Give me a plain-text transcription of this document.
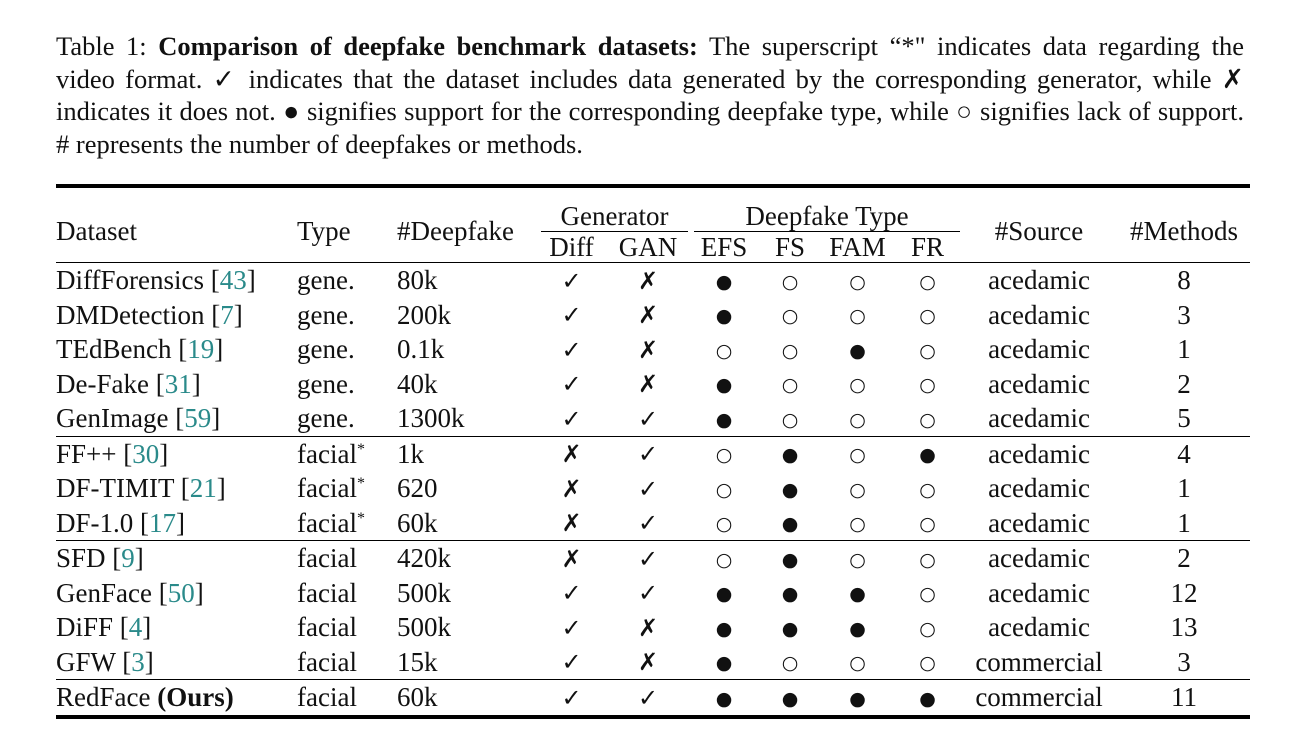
Table 1: Comparison of deepfake benchmark datasets: The superscript “*" indicates data regarding the video format. ✓ indicates that the dataset includes data generated by the corresponding generator, while ✗ indicates it does not. ● signifies support for the corresponding deepfake type, while ○ signifies lack of support. # represents the number of deepfakes or methods.
Dataset	Type	#Deepfake	Generator		Deepfake Type				#Source	#Methods
			Diff	GAN	EFS	FS	FAM	FR		
DiffForensics [43]	gene.	80k	✓	✗	●	○	○	○	acedamic	8
DMDetection [7]	gene.	200k	✓	✗	●	○	○	○	acedamic	3
TEdBench [19]	gene.	0.1k	✓	✗	○	○	●	○	acedamic	1
De-Fake [31]	gene.	40k	✓	✗	●	○	○	○	acedamic	2
GenImage [59]	gene.	1300k	✓	✓	●	○	○	○	acedamic	5
FF++ [30]	facial*	1k	✗	✓	○	●	○	●	acedamic	4
DF-TIMIT [21]	facial*	620	✗	✓	○	●	○	○	acedamic	1
DF-1.0 [17]	facial*	60k	✗	✓	○	●	○	○	acedamic	1
SFD [9]	facial	420k	✗	✓	○	●	○	○	acedamic	2
GenFace [50]	facial	500k	✓	✓	●	●	●	○	acedamic	12
DiFF [4]	facial	500k	✓	✗	●	●	●	○	acedamic	13
GFW [3]	facial	15k	✓	✗	●	○	○	○	commercial	3
RedFace (Ours)	facial	60k	✓	✓	●	●	●	●	commercial	11
